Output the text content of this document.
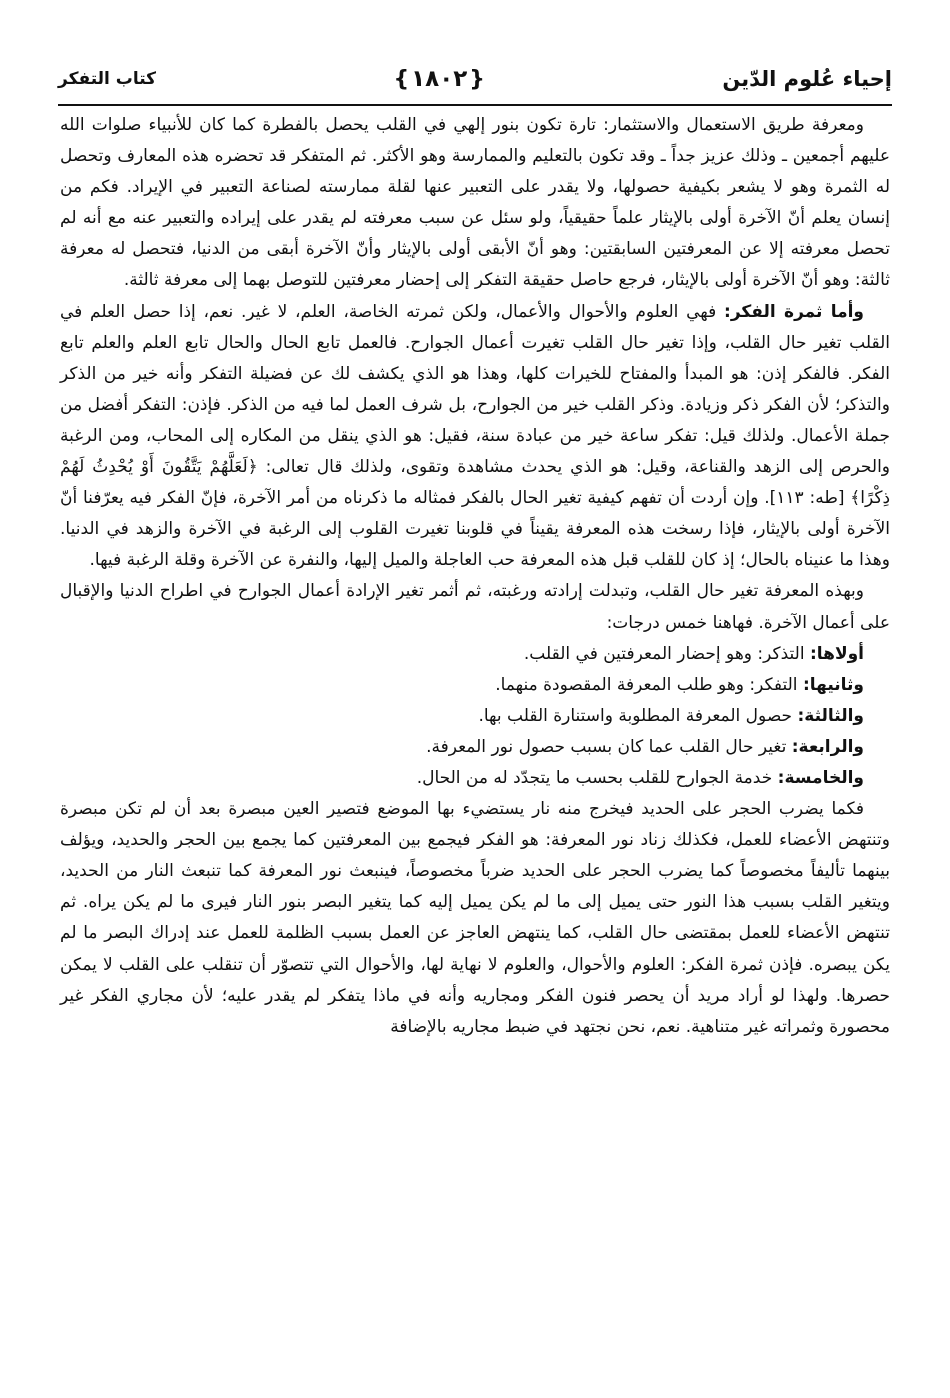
إحياء عُلوم الدّين
{ ١٨٠٢ }
كتاب التفكر

ومعرفة طريق الاستعمال والاستثمار: تارة تكون بنور إلهي في القلب يحصل بالفطرة كما كان للأنبياء صلوات الله عليهم أجمعين ـ وذلك عزيز جداً ـ وقد تكون بالتعليم والممارسة وهو الأكثر. ثم المتفكر قد تحضره هذه المعارف وتحصل له الثمرة وهو لا يشعر بكيفية حصولها، ولا يقدر على التعبير عنها لقلة ممارسته لصناعة التعبير في الإيراد. فكم من إنسان يعلم أنّ الآخرة أولى بالإيثار علماً حقيقياً، ولو سئل عن سبب معرفته لم يقدر على إيراده والتعبير عنه مع أنه لم تحصل معرفته إلا عن المعرفتين السابقتين: وهو أنّ الأبقى أولى بالإيثار وأنّ الآخرة أبقى من الدنيا، فتحصل له معرفة ثالثة: وهو أنّ الآخرة أولى بالإيثار، فرجع حاصل حقيقة التفكر إلى إحضار معرفتين للتوصل بهما إلى معرفة ثالثة.

وأما ثمرة الفكر: فهي العلوم والأحوال والأعمال، ولكن ثمرته الخاصة، العلم، لا غير. نعم، إذا حصل العلم في القلب تغير حال القلب، وإذا تغير حال القلب تغيرت أعمال الجوارح. فالعمل تابع الحال والحال تابع العلم والعلم تابع الفكر. فالفكر إذن: هو المبدأ والمفتاح للخيرات كلها، وهذا هو الذي يكشف لك عن فضيلة التفكر وأنه خير من الذكر والتذكر؛ لأن الفكر ذكر وزيادة. وذكر القلب خير من الجوارح، بل شرف العمل لما فيه من الذكر. فإذن: التفكر أفضل من جملة الأعمال. ولذلك قيل: تفكر ساعة خير من عبادة سنة، فقيل: هو الذي ينقل من المكاره إلى المحاب، ومن الرغبة والحرص إلى الزهد والقناعة، وقيل: هو الذي يحدث مشاهدة وتقوى، ولذلك قال تعالى: ﴿لَعَلَّهُمْ يَتَّقُونَ أَوْ يُحْدِثُ لَهُمْ ذِكْرًا﴾ [طه: ١١٣]. وإن أردت أن تفهم كيفية تغير الحال بالفكر فمثاله ما ذكرناه من أمر الآخرة، فإنّ الفكر فيه يعرّفنا أنّ الآخرة أولى بالإيثار، فإذا رسخت هذه المعرفة يقيناً في قلوبنا تغيرت القلوب إلى الرغبة في الآخرة والزهد في الدنيا. وهذا ما عنيناه بالحال؛ إذ كان للقلب قبل هذه المعرفة حب العاجلة والميل إليها، والنفرة عن الآخرة وقلة الرغبة فيها.

وبهذه المعرفة تغير حال القلب، وتبدلت إرادته ورغبته، ثم أثمر تغير الإرادة أعمال الجوارح في اطراح الدنيا والإقبال على أعمال الآخرة. فهاهنا خمس درجات:

أولاها: التذكر: وهو إحضار المعرفتين في القلب.
وثانيها: التفكر: وهو طلب المعرفة المقصودة منهما.
والثالثة: حصول المعرفة المطلوبة واستنارة القلب بها.
والرابعة: تغير حال القلب عما كان بسبب حصول نور المعرفة.
والخامسة: خدمة الجوارح للقلب بحسب ما يتجدّد له من الحال.

فكما يضرب الحجر على الحديد فيخرج منه نار يستضيء بها الموضع فتصير العين مبصرة بعد أن لم تكن مبصرة وتنتهض الأعضاء للعمل، فكذلك زناد نور المعرفة: هو الفكر فيجمع بين المعرفتين كما يجمع بين الحجر والحديد، ويؤلف بينهما تأليفاً مخصوصاً كما يضرب الحجر على الحديد ضرباً مخصوصاً، فينبعث نور المعرفة كما تنبعث النار من الحديد، ويتغير القلب بسبب هذا النور حتى يميل إلى ما لم يكن يميل إليه كما يتغير البصر بنور النار فيرى ما لم يكن يراه. ثم تنتهض الأعضاء للعمل بمقتضى حال القلب، كما ينتهض العاجز عن العمل بسبب الظلمة للعمل عند إدراك البصر ما لم يكن يبصره. فإذن ثمرة الفكر: العلوم والأحوال، والعلوم لا نهاية لها، والأحوال التي تتصوّر أن تنقلب على القلب لا يمكن حصرها. ولهذا لو أراد مريد أن يحصر فنون الفكر ومجاريه وأنه في ماذا يتفكر لم يقدر عليه؛ لأن مجاري الفكر غير محصورة وثمراته غير متناهية. نعم، نحن نجتهد في ضبط مجاريه بالإضافة
